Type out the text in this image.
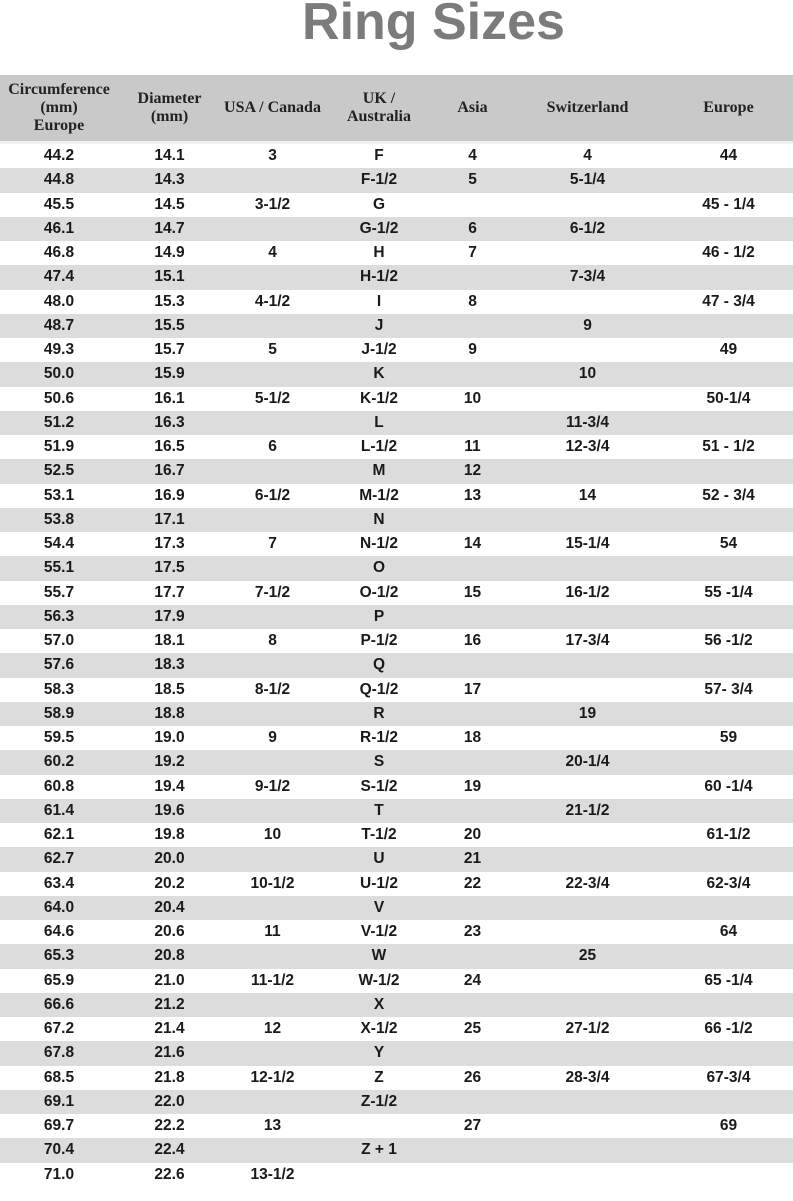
Ring Sizes
Circumference
(mm)
Europe	Diameter
(mm)	USA / Canada	UK /
Australia	Asia	Switzerland	Europe
44.2	14.1	3	F	4	4	44
44.8	14.3		F-1/2	5	5-1/4	
45.5	14.5	3-1/2	G			45 - 1/4
46.1	14.7		G-1/2	6	6-1/2	
46.8	14.9	4	H	7		46 - 1/2
47.4	15.1		H-1/2		7-3/4	
48.0	15.3	4-1/2	I	8		47 - 3/4
48.7	15.5		J		9	
49.3	15.7	5	J-1/2	9		49
50.0	15.9		K		10	
50.6	16.1	5-1/2	K-1/2	10		50-1/4
51.2	16.3		L		11-3/4	
51.9	16.5	6	L-1/2	11	12-3/4	51 - 1/2
52.5	16.7		M	12		
53.1	16.9	6-1/2	M-1/2	13	14	52 - 3/4
53.8	17.1		N			
54.4	17.3	7	N-1/2	14	15-1/4	54
55.1	17.5		O			
55.7	17.7	7-1/2	O-1/2	15	16-1/2	55 -1/4
56.3	17.9		P			
57.0	18.1	8	P-1/2	16	17-3/4	56 -1/2
57.6	18.3		Q			
58.3	18.5	8-1/2	Q-1/2	17		57- 3/4
58.9	18.8		R		19	
59.5	19.0	9	R-1/2	18		59
60.2	19.2		S		20-1/4	
60.8	19.4	9-1/2	S-1/2	19		60 -1/4
61.4	19.6		T		21-1/2	
62.1	19.8	10	T-1/2	20		61-1/2
62.7	20.0		U	21		
63.4	20.2	10-1/2	U-1/2	22	22-3/4	62-3/4
64.0	20.4		V			
64.6	20.6	11	V-1/2	23		64
65.3	20.8		W		25	
65.9	21.0	11-1/2	W-1/2	24		65 -1/4
66.6	21.2		X			
67.2	21.4	12	X-1/2	25	27-1/2	66 -1/2
67.8	21.6		Y			
68.5	21.8	12-1/2	Z	26	28-3/4	67-3/4
69.1	22.0		Z-1/2			
69.7	22.2	13		27		69
70.4	22.4		Z + 1			
71.0	22.6	13-1/2				
